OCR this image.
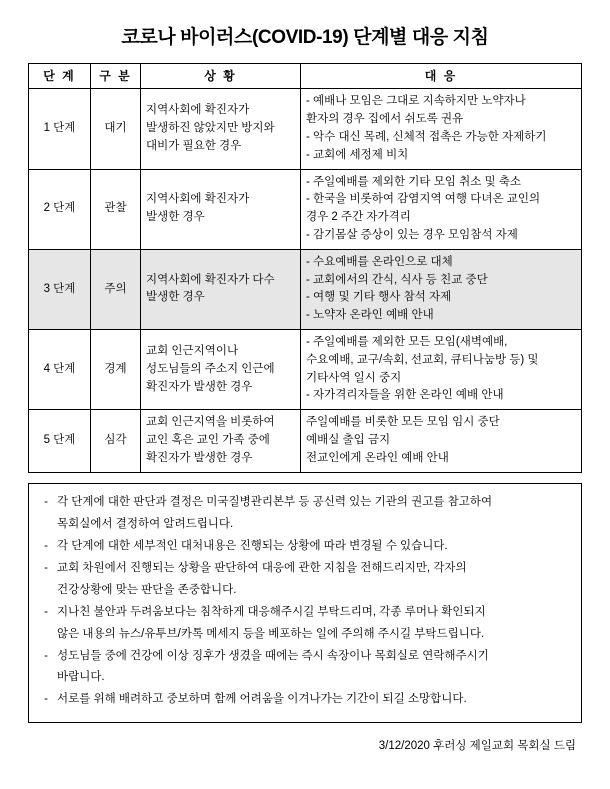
코로나 바이러스(COVID-19) 단계별 대응 지침
단 계	구 분	상 황	대 응
1 단계	대기	지역사회에 확진자가
발생하진 않았지만 방지와
대비가 필요한 경우	- 예배나 모임은 그대로 지속하지만 노약자나
환자의 경우 집에서 쉬도록 권유
- 악수 대신 목례, 신체적 접촉은 가능한 자제하기
- 교회에 세정제 비치

2 단계	관찰	지역사회에 확진자가
발생한 경우	- 주일예배를 제외한 기타 모임 취소 및 축소
- 한국을 비롯하여 감염지역 여행 다녀온 교인의
경우 2 주간 자가격리
- 감기몸살 증상이 있는 경우 모임참석 자제

3 단계	주의	지역사회에 확진자가 다수
발생한 경우	- 수요예배를 온라인으로 대체
- 교회에서의 간식, 식사 등 친교 중단
- 여행 및 기타 행사 참석 자제
- 노약자 온라인 예배 안내

4 단계	경계	교회 인근지역이나
성도님들의 주소지 인근에
확진자가 발생한 경우	- 주일예배를 제외한 모든 모임(새벽예배,
수요예배, 교구/속회, 선교회, 큐티나눔방 등) 및
기타사역 일시 중지
- 자가격리자들을 위한 온라인 예배 안내

5 단계	심각	교회 인근지역을 비롯하여
교인 혹은 교인 가족 중에
확진자가 발생한 경우	주일예배를 비롯한 모든 모임 임시 중단
예배실 출입 금지
전교인에게 온라인 예배 안내
- 각 단계에 대한 판단과 결정은 미국질병관리본부 등 공신력 있는 기관의 권고를 참고하여
목회실에서 결정하여 알려드립니다.
- 각 단계에 대한 세부적인 대처내용은 진행되는 상황에 따라 변경될 수 있습니다.
- 교회 차원에서 진행되는 상황을 판단하여 대응에 관한 지침을 전해드리지만, 각자의
건강상황에 맞는 판단을 존중합니다.
- 지나친 불안과 두려움보다는 침착하게 대응해주시길 부탁드리며, 각종 루머나 확인되지
않은 내용의 뉴스/유투브/카톡 메세지 등을 베포하는 일에 주의해 주시길 부탁드립니다.
- 성도님들 중에 건강에 이상 징후가 생겼을 때에는 즉시 속장이나 목회실로 연락해주시기
바랍니다.
- 서로를 위해 배려하고 중보하며 함께 어려움을 이겨나가는 기간이 되길 소망합니다.
3/12/2020 후러싱 제일교회 목회실 드림
